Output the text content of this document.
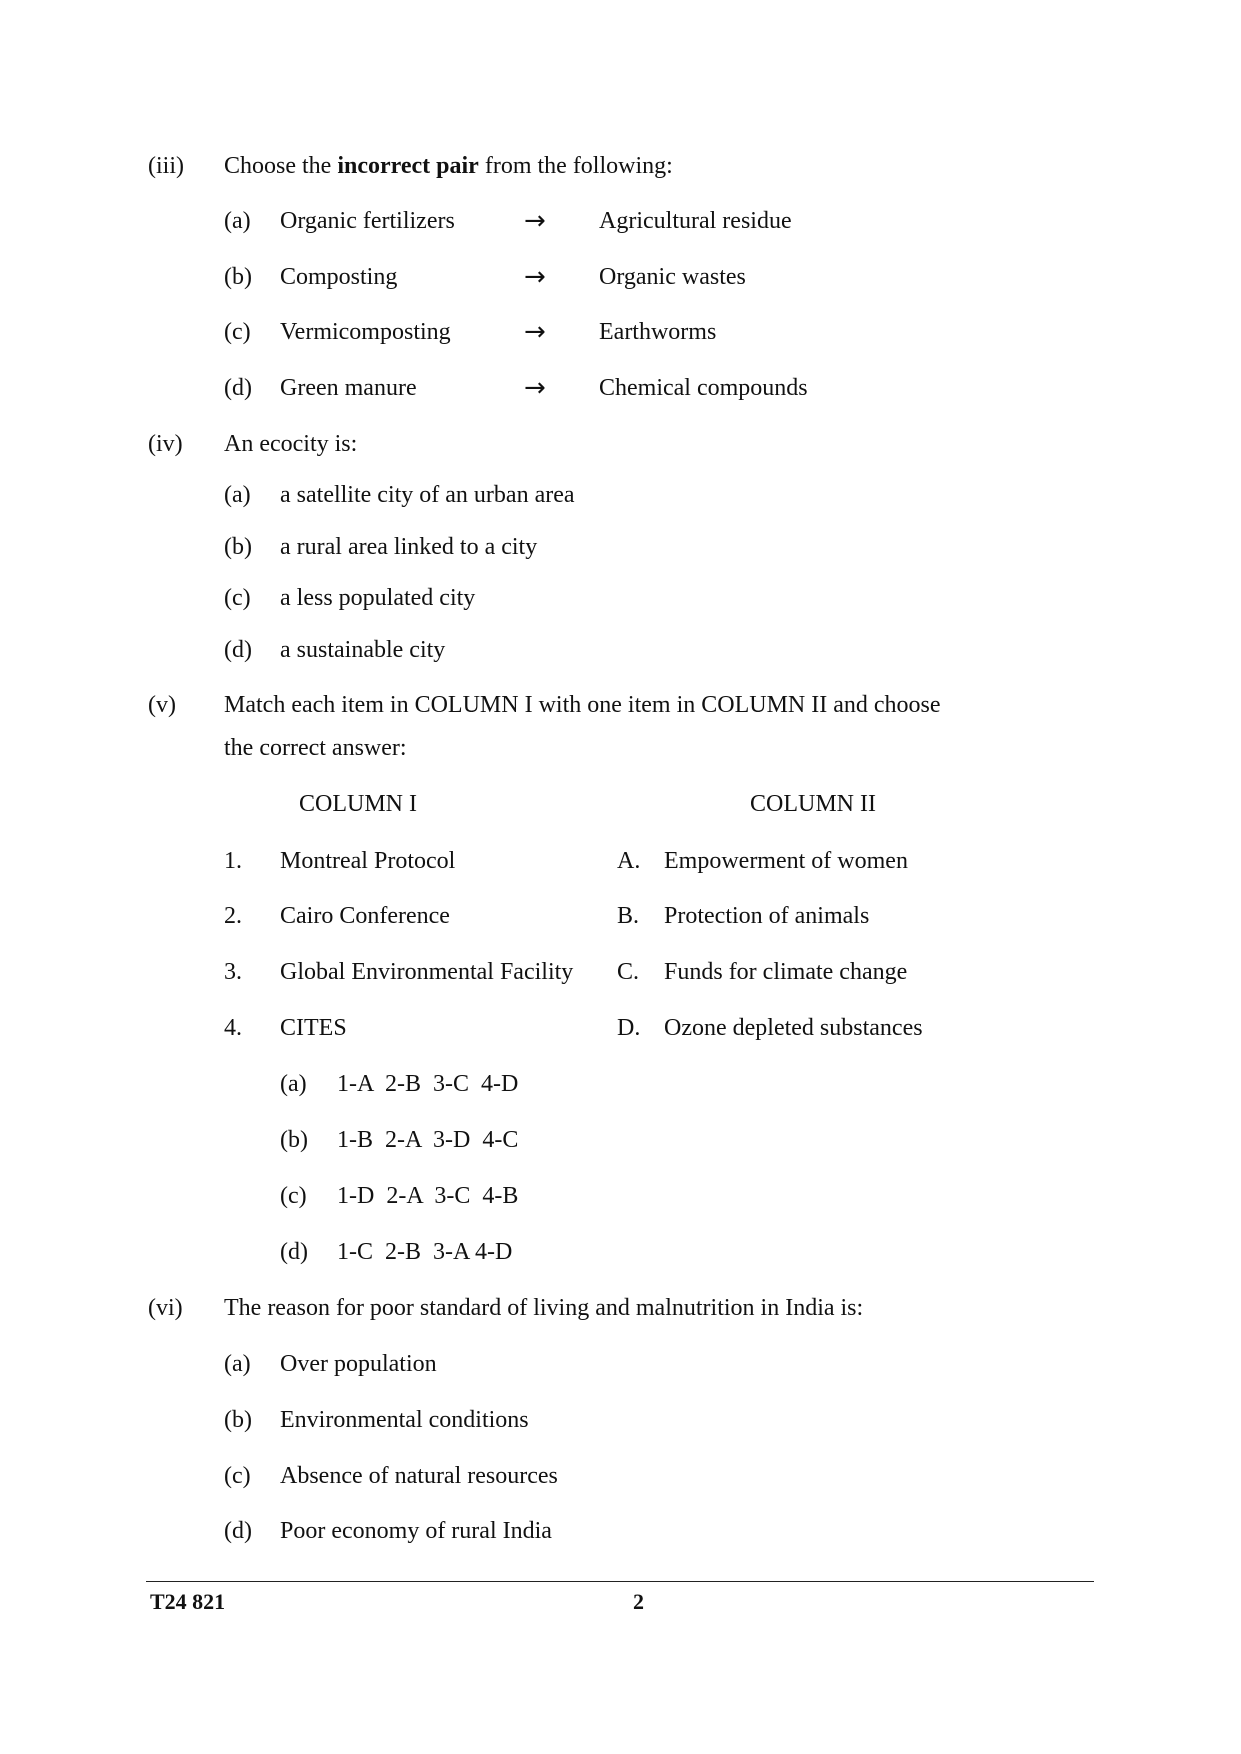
(iii) Choose the incorrect pair from the following:
(a) Organic fertilizers	→ Agricultural residue
(b) Composting	→ Organic wastes
(c) Vermicomposting	→ Earthworms
(d) Green manure	→ Chemical compounds
(iv) An ecocity is:
(a) a satellite city of an urban area
(b) a rural area linked to a city
(c) a less populated city
(d) a sustainable city
(v) Match each item in COLUMN I with one item in COLUMN II and choose
the correct answer:
COLUMN I	COLUMN II
1. Montreal Protocol	A. Empowerment of women
2. Cairo Conference	B. Protection of animals
3. Global Environmental Facility C. Funds for climate change
4. CITES	D. Ozone depleted substances
(a) 1-A  2-B  3-C  4-D
(b) 1-B  2-A  3-D  4-C
(c) 1-D  2-A  3-C  4-B
(d) 1-C  2-B  3-A 4-D
(vi) The reason for poor standard of living and malnutrition in India is:
(a) Over population
(b) Environmental conditions
(c) Absence of natural resources
(d) Poor economy of rural India
T24 821	2
